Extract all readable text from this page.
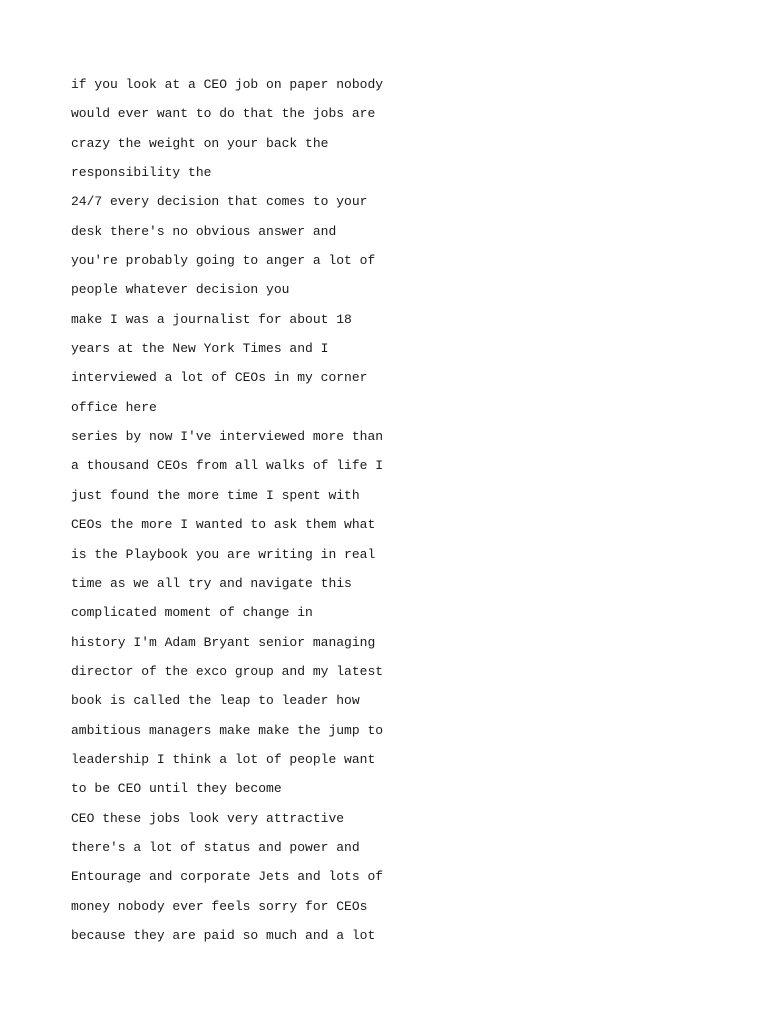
if you look at a CEO job on paper nobody
would ever want to do that the jobs are
crazy the weight on your back the
responsibility the
24/7 every decision that comes to your
desk there's no obvious answer and
you're probably going to anger a lot of
people whatever decision you
make I was a journalist for about 18
years at the New York Times and I
interviewed a lot of CEOs in my corner
office here
series by now I've interviewed more than
a thousand CEOs from all walks of life I
just found the more time I spent with
CEOs the more I wanted to ask them what
is the Playbook you are writing in real
time as we all try and navigate this
complicated moment of change in
history I'm Adam Bryant senior managing
director of the exco group and my latest
book is called the leap to leader how
ambitious managers make make the jump to
leadership I think a lot of people want
to be CEO until they become
CEO these jobs look very attractive
there's a lot of status and power and
Entourage and corporate Jets and lots of
money nobody ever feels sorry for CEOs
because they are paid so much and a lot
